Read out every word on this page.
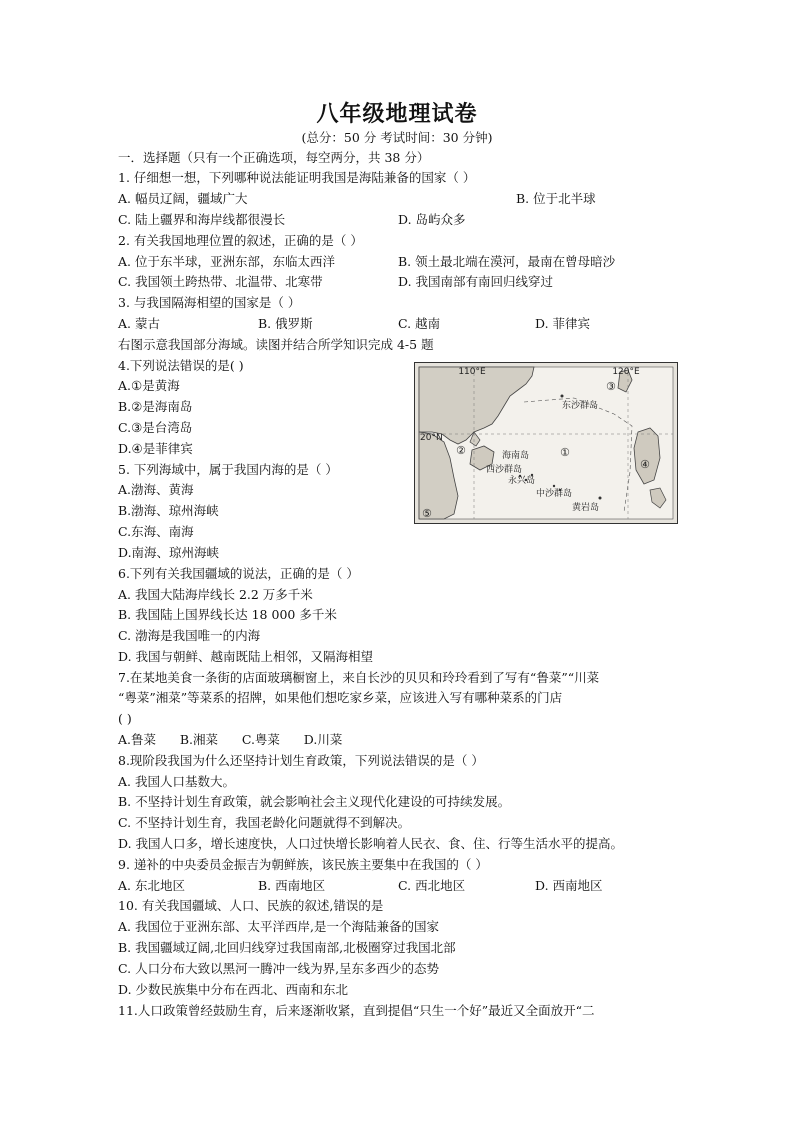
八年级地理试卷
(总分：50 分 考试时间：30 分钟)
一．选择题（只有一个正确选项，每空两分，共 38 分）
1. 仔细想一想，下列哪种说法能证明我国是海陆兼备的国家（ ）
A. 幅员辽阔，疆域广大	B. 位于北半球
C. 陆上疆界和海岸线都很漫长	D. 岛屿众多
2. 有关我国地理位置的叙述，正确的是（ ）
A. 位于东半球，亚洲东部，东临太西洋	B. 领土最北端在漠河，最南在曾母暗沙
C. 我国领土跨热带、北温带、北寒带	D. 我国南部有南回归线穿过
3. 与我国隔海相望的国家是（ ）
A. 蒙古	B. 俄罗斯	C. 越南	D. 菲律宾
右图示意我国部分海域。读图并结合所学知识完成 4-5 题
4.下列说法错误的是( )
A.①是黄海
B.②是海南岛
C.③是台湾岛
D.④是菲律宾
5. 下列海域中，属于我国内海的是（ ）
A.渤海、黄海
B.渤海、琼州海峡
C.东海、南海
D.南海、琼州海峡
110°E	120°E
20°N
东沙群岛
海南岛
西沙群岛
永兴岛
中沙群岛
黄岩岛
①
②
③
④
⑤
6.下列有关我国疆域的说法，正确的是（ ）
A. 我国大陆海岸线长 2.2 万多千米
B. 我国陆上国界线长达 18 000 多千米
C. 渤海是我国唯一的内海
D. 我国与朝鲜、越南既陆上相邻，又隔海相望
7.在某地美食一条街的店面玻璃橱窗上，来自长沙的贝贝和玲玲看到了写有“鲁菜”“川菜
“粤菜”湘菜”等菜系的招牌，如果他们想吃家乡菜，应该进入写有哪种菜系的门店
( )
A.鲁菜      B.湘菜      C.粤菜      D.川菜
8.现阶段我国为什么还坚持计划生育政策，下列说法错误的是（ ）
A. 我国人口基数大。
B. 不坚持计划生育政策，就会影响社会主义现代化建设的可持续发展。
C. 不坚持计划生育，我国老龄化问题就得不到解决。
D. 我国人口多，增长速度快，人口过快增长影响着人民衣、食、住、行等生活水平的提高。
9. 递补的中央委员金振吉为朝鲜族，该民族主要集中在我国的（ ）
A. 东北地区	B. 西南地区	C. 西北地区	D. 西南地区
10. 有关我国疆域、人口、民族的叙述,错误的是
A. 我国位于亚洲东部、太平洋西岸,是一个海陆兼备的国家
B. 我国疆域辽阔,北回归线穿过我国南部,北极圈穿过我国北部
C. 人口分布大致以黑河一腾冲一线为界,呈东多西少的态势
D. 少数民族集中分布在西北、西南和东北
11.人口政策曾经鼓励生育，后来逐渐收紧，直到提倡“只生一个好”最近又全面放开“二
